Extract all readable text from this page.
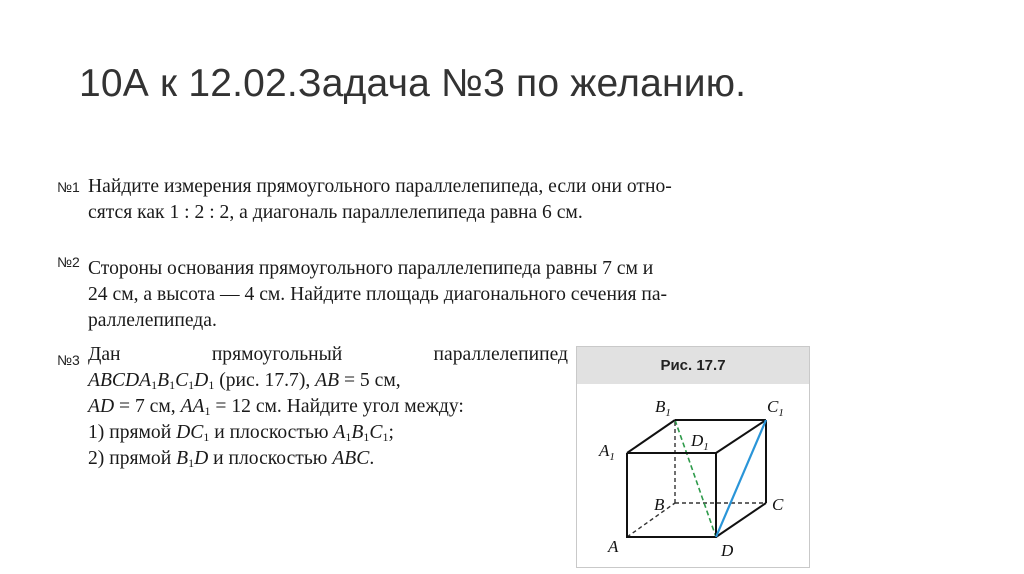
10А к 12.02.Задача №3 по желанию.
№1 Найдите измерения прямоугольного параллелепипеда, если они отно-
сятся как 1 : 2 : 2, а диагональ параллелепипеда равна 6 см.
№2 Стороны основания прямоугольного параллелепипеда равны 7 см и
24 см, а высота — 4 см. Найдите площадь диагонального сечения па-
раллелепипеда.
№3 Дан	прямоугольный	параллелепипед
$ABCDA_1B_1C_1D_1$ (рис. 17.7), AB = 5 см,
AD = 7 см, $AA_1 = 12$ см. Найдите угол между:
1) прямой $DC_1$ и плоскостью $A_1B_1C_1$;
2) прямой $B_1D$ и плоскостью ABC.
Рис. 17.7
$B_1$	$C_1$
$D_1$
$A_1$
B	C
A	D
